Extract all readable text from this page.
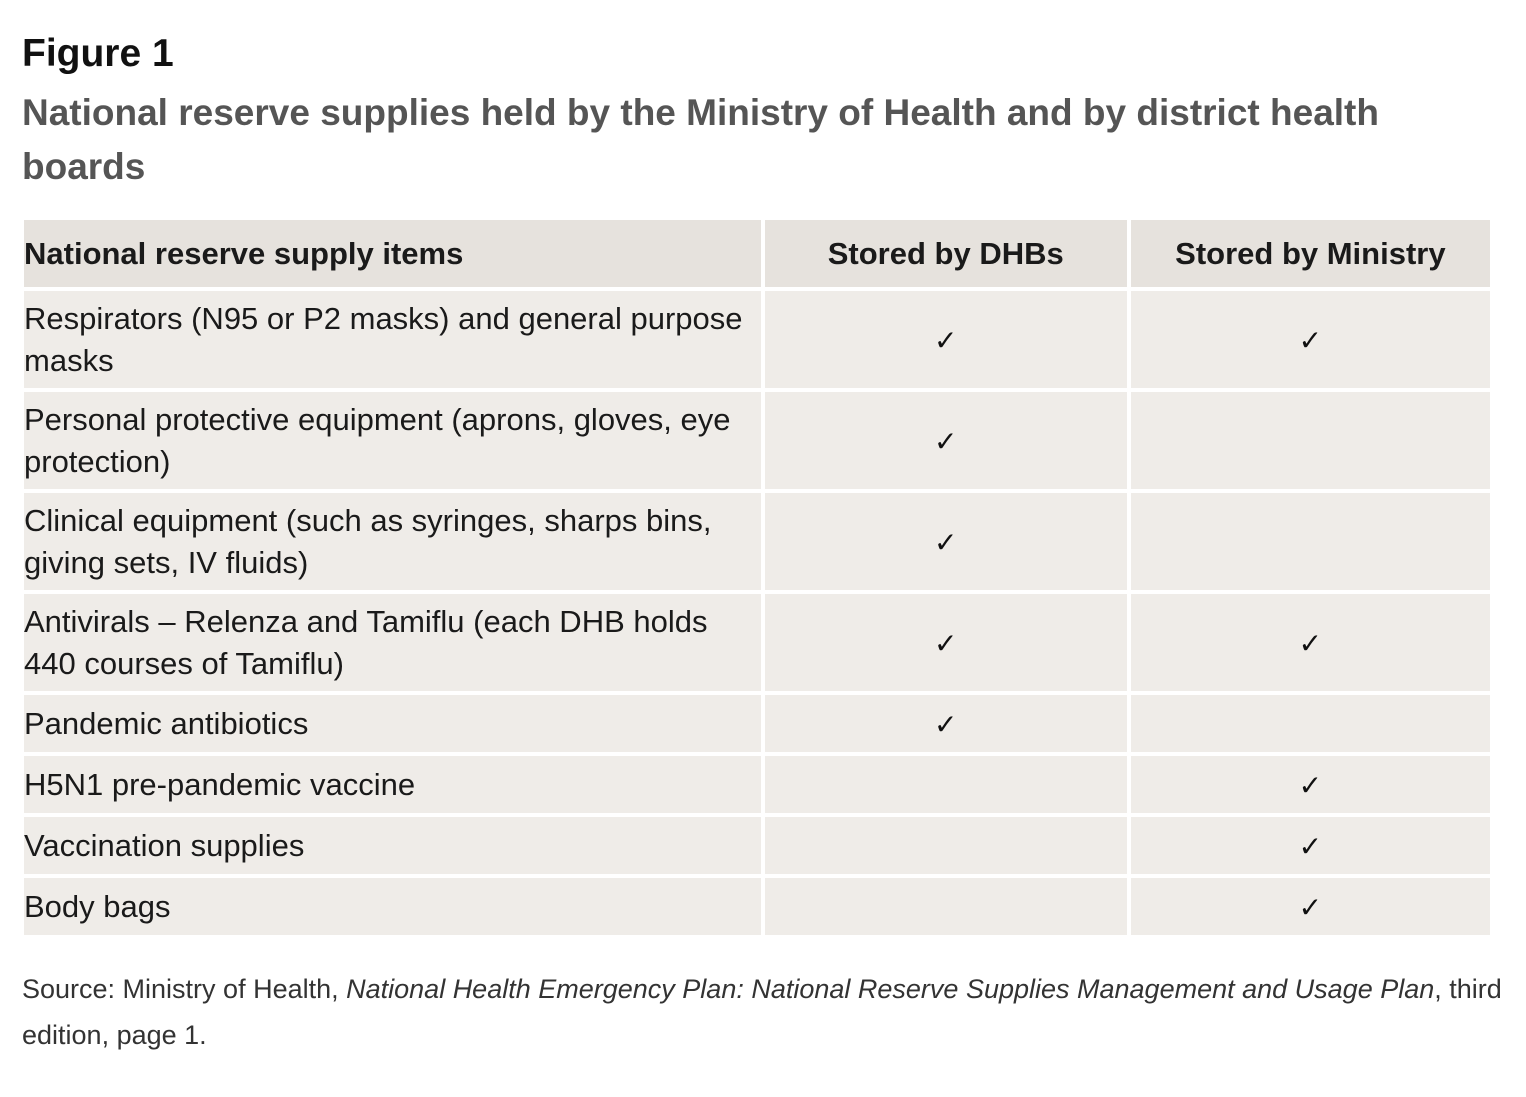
Figure 1
National reserve supplies held by the Ministry of Health and by district health boards
National reserve supply items	Stored by DHBs	Stored by Ministry
Respirators (N95 or P2 masks) and general purpose masks	✓	✓
Personal protective equipment (aprons, gloves, eye protection)	✓	
Clinical equipment (such as syringes, sharps bins, giving sets, IV fluids)	✓	
Antivirals – Relenza and Tamiflu (each DHB holds 440 courses of Tamiflu)	✓	✓
Pandemic antibiotics	✓	
H5N1 pre-pandemic vaccine		✓
Vaccination supplies		✓
Body bags		✓
Source: Ministry of Health, National Health Emergency Plan: National Reserve Supplies Management and Usage Plan, third edition, page 1.
